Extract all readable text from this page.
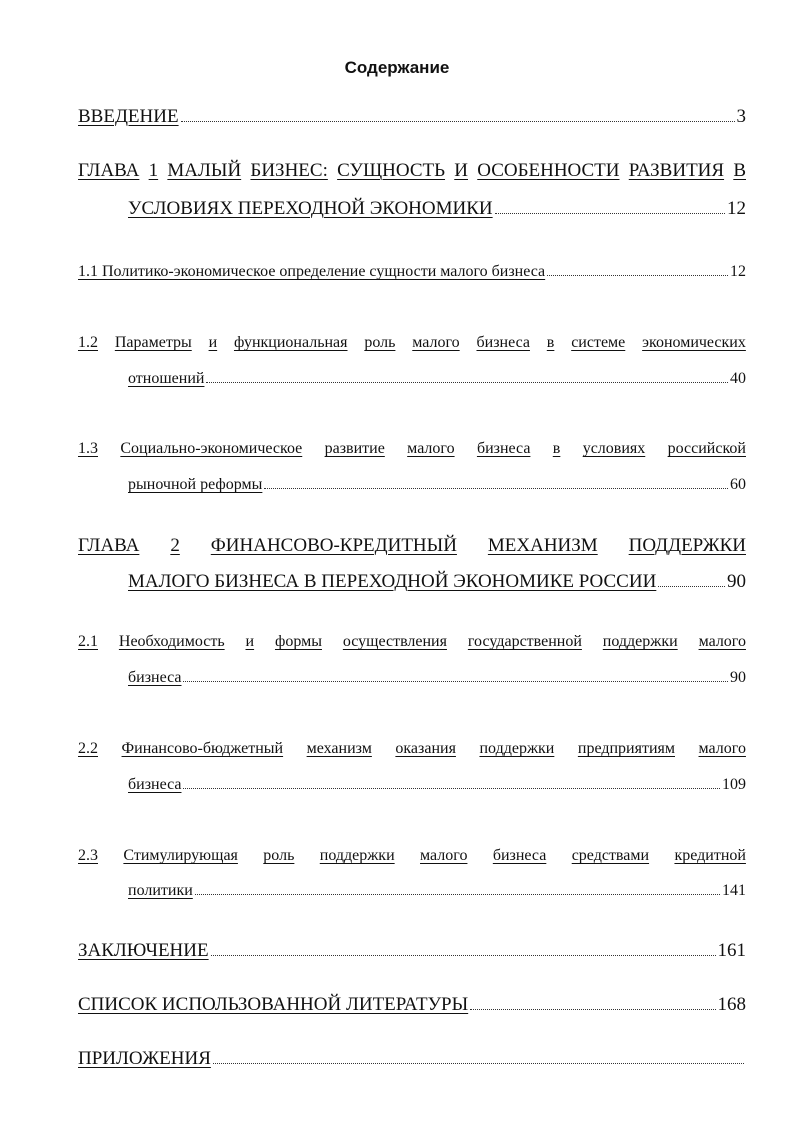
Содержание
ВВЕДЕНИЕ	3
ГЛАВА 1 МАЛЫЙ БИЗНЕС: СУЩНОСТЬ И ОСОБЕННОСТИ РАЗВИТИЯ В
УСЛОВИЯХ ПЕРЕХОДНОЙ ЭКОНОМИКИ	12
1.1 Политико-экономическое определение сущности малого бизнеса	12
1.2 Параметры и функциональная роль малого бизнеса в системе экономических
отношений	40
1.3 Социально-экономическое развитие малого бизнеса в условиях российской
рыночной реформы	60
ГЛАВА 2 ФИНАНСОВО-КРЕДИТНЫЙ МЕХАНИЗМ ПОДДЕРЖКИ
МАЛОГО БИЗНЕСА В ПЕРЕХОДНОЙ ЭКОНОМИКЕ РОССИИ	90
2.1 Необходимость и формы осуществления государственной поддержки малого
бизнеса	90
2.2 Финансово-бюджетный механизм оказания поддержки предприятиям малого
бизнеса	109
2.3 Стимулирующая роль поддержки малого бизнеса средствами кредитной
политики	141
ЗАКЛЮЧЕНИЕ	161
СПИСОК ИСПОЛЬЗОВАННОЙ ЛИТЕРАТУРЫ	168
ПРИЛОЖЕНИЯ
